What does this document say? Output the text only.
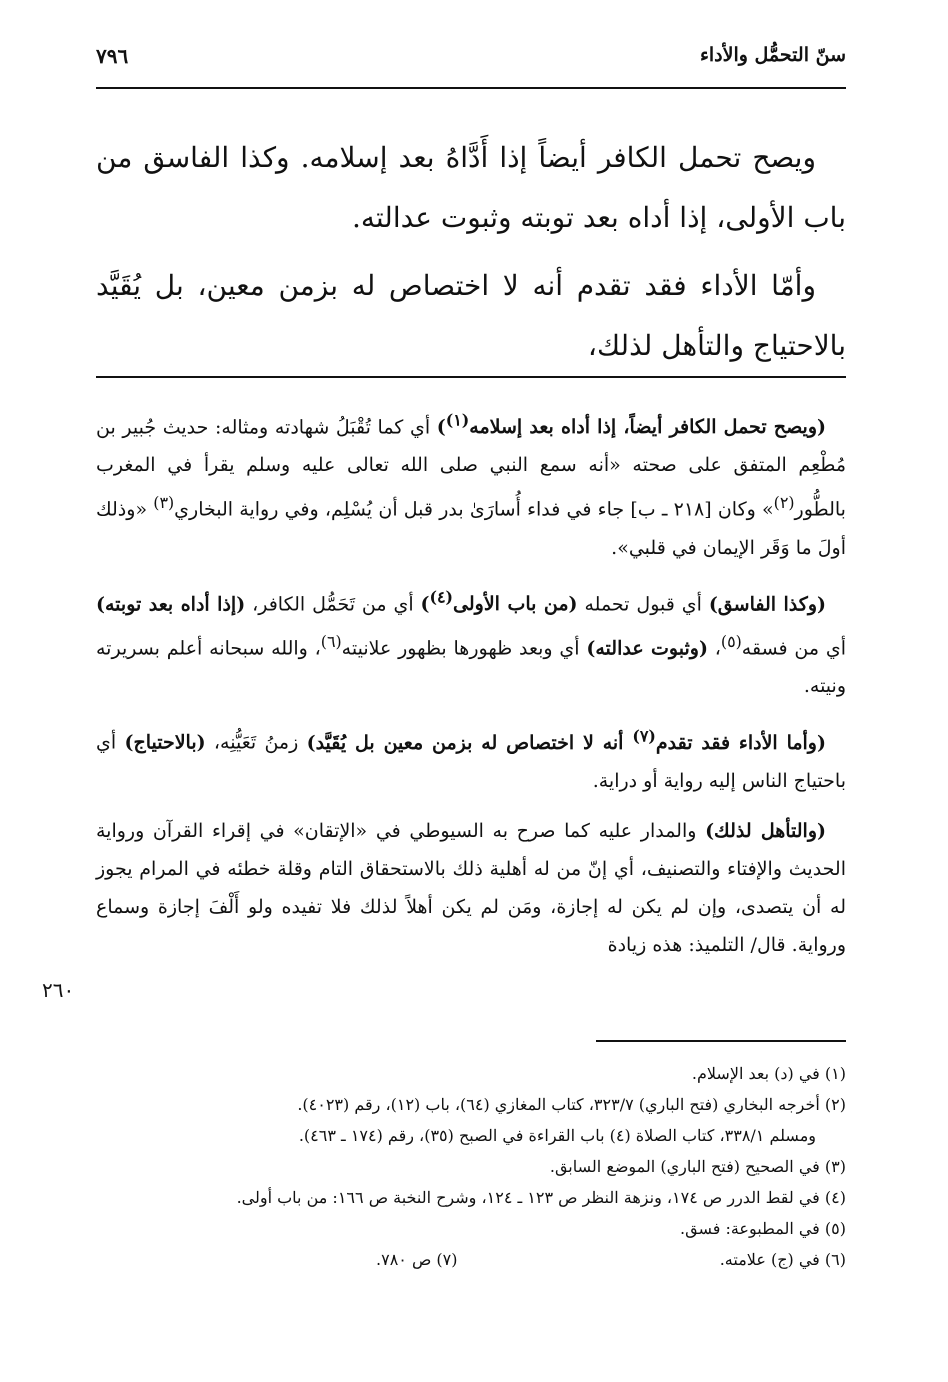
سنّ التحمُّل والأداء
٧٩٦

ويصح تحمل الكافر أيضاً إذا أَدَّاهُ بعد إسلامه. وكذا الفاسق من باب الأولى، إذا أداه بعد توبته وثبوت عدالته.

وأمّا الأداء فقد تقدم أنه لا اختصاص له بزمن معين، بل يُقَيَّد بالاحتياج والتأهل لذلك،

(ويصح تحمل الكافر أيضاً، إذا أداه بعد إسلامه$^{(١)}$) أي كما تُقْبَلُ شهادته ومثاله: حديث جُبير بن مُطْعِم المتفق على صحته «أنه سمع النبي صلى الله تعالى عليه وسلم يقرأ في المغرب بالطُّور$^{(٢)}$» وكان [٢١٨ ـ ب] جاء في فداء أُسارَىٰ بدر قبل أن يُسْلِم، وفي رواية البخاري$^{(٣)}$ «وذلك أولَ ما وَقَر الإيمان في قلبي».

(وكذا الفاسق) أي قبول تحمله (من باب الأولى$^{(٤)}$) أي من تَحَمُّل الكافر، (إذا أداه بعد توبته) أي من فسقه$^{(٥)}$، (وثبوت عدالته) أي وبعد ظهورها بظهور علانيته$^{(٦)}$، والله سبحانه أعلم بسريرته ونيته.

(وأما الأداء فقد تقدم$^{(٧)}$ أنه لا اختصاص له بزمن معين بل يُقَيَّد) زمنُ تَعَيُّنِه، (بالاحتياج) أي باحتياج الناس إليه رواية أو دراية.

(والتأهل لذلك) والمدار عليه كما صرح به السيوطي في «الإتقان» في إقراء القرآن ورواية الحديث والإفتاء والتصنيف، أي إنّ من له أهلية ذلك بالاستحقاق التام وقلة خطئه في المرام يجوز له أن يتصدى، وإن لم يكن له إجازة، ومَن لم يكن أهلاً لذلك فلا تفيده ولو أَلْفَ إجازة وسماع ورواية. قال/ التلميذ: هذه زيادة

٢٦٠
(١) في (د) بعد الإسلام.
(٢) أخرجه البخاري (فتح الباري) ٣٢٣/٧، كتاب المغازي (٦٤)، باب (١٢)، رقم (٤٠٢٣).
ومسلم ٣٣٨/١، كتاب الصلاة (٤) باب القراءة في الصبح (٣٥)، رقم (١٧٤ ـ ٤٦٣).
(٣) في الصحيح (فتح الباري) الموضع السابق.
(٤) في لقط الدرر ص ١٧٤، ونزهة النظر ص ١٢٣ ـ ١٢٤، وشرح النخبة ص ١٦٦: من باب أولى.
(٥) في المطبوعة: فسق.
(٦) في (ج) علامته.
(٧) ص ٧٨٠.
